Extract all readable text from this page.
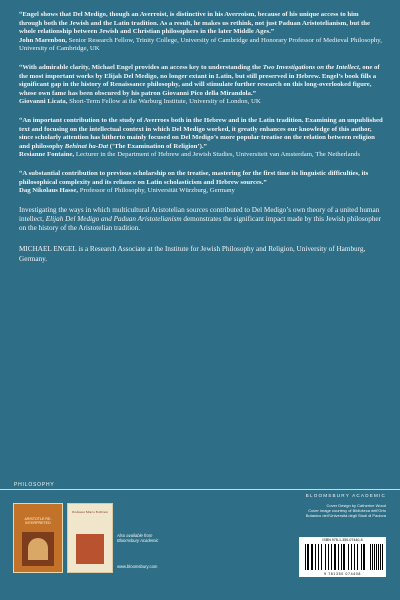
“Engel shows that Del Medigo, though an Averroist, is distinctive in his Averroism, because of his unique access to him through both the Jewish and the Latin tradition. As a result, he makes us rethink, not just Paduan Aristotelianism, but the whole relationship between Jewish and Christian philosophers in the later Middle Ages.”
John Marenbon, Senior Research Fellow, Trinity College, University of Cambridge and Honorary Professor of Medieval Philosophy, University of Cambridge, UK
“With admirable clarity, Michael Engel provides an access key to understanding the Two Investigations on the Intellect, one of the most important works by Elijah Del Medigo, no longer extant in Latin, but still preserved in Hebrew. Engel’s book fills a significant gap in the history of Renaissance philosophy, and will stimulate further research on this long-overlooked figure, whose own fame has been obscured by his patron Giovanni Pico della Mirandola.”
Giovanni Licata, Short-Term Fellow at the Warburg Institute, University of London, UK
“An important contribution to the study of Averroes both in the Hebrew and in the Latin tradition. Examining an unpublished text and focusing on the intellectual context in which Del Medigo worked, it greatly enhances our knowledge of this author, since scholarly attention has hitherto mainly focused on Del Medigo’s more popular treatise on the relation between religion and philosophy Behinat ha-Dat (‘The Examination of Religion’).”
Resianne Fontaine, Lecturer in the Department of Hebrew and Jewish Studies, Universiteit van Amsterdam, The Netherlands
“A substantial contribution to previous scholarship on the treatise, mastering for the first time its linguistic difficulties, its philosophical complexity and its reliance on Latin scholasticism and Hebrew sources.”
Dag Nikolaus Hasse, Professor of Philosophy, Universität Würzburg, Germany

Investigating the ways in which multicultural Aristotelian sources contributed to Del Medigo’s own theory of a united human intellect, Elijah Del Medigo and Paduan Aristotelianism demonstrates the significant impact made by this Jewish philosopher on the history of the Aristotelian tradition.

MICHAEL ENGEL is a Research Associate at the Institute for Jewish Philosophy and Religion, University of Hamburg, Germany.

PHILOSOPHY
BLOOMSBURY ACADEMIC
Cover Design by Catherine Wood
Cover image courtesy of Biblioteca dell’Orto
Botanico dell’Università degli Studi di Padova
ARISTOTLE RE-INTERPRETED
Professor Marco Forlivesi
Also available from
Bloomsbury Academic
www.bloomsbury.com
ISBN 978-1-350-07440-8
9 781350 074408
